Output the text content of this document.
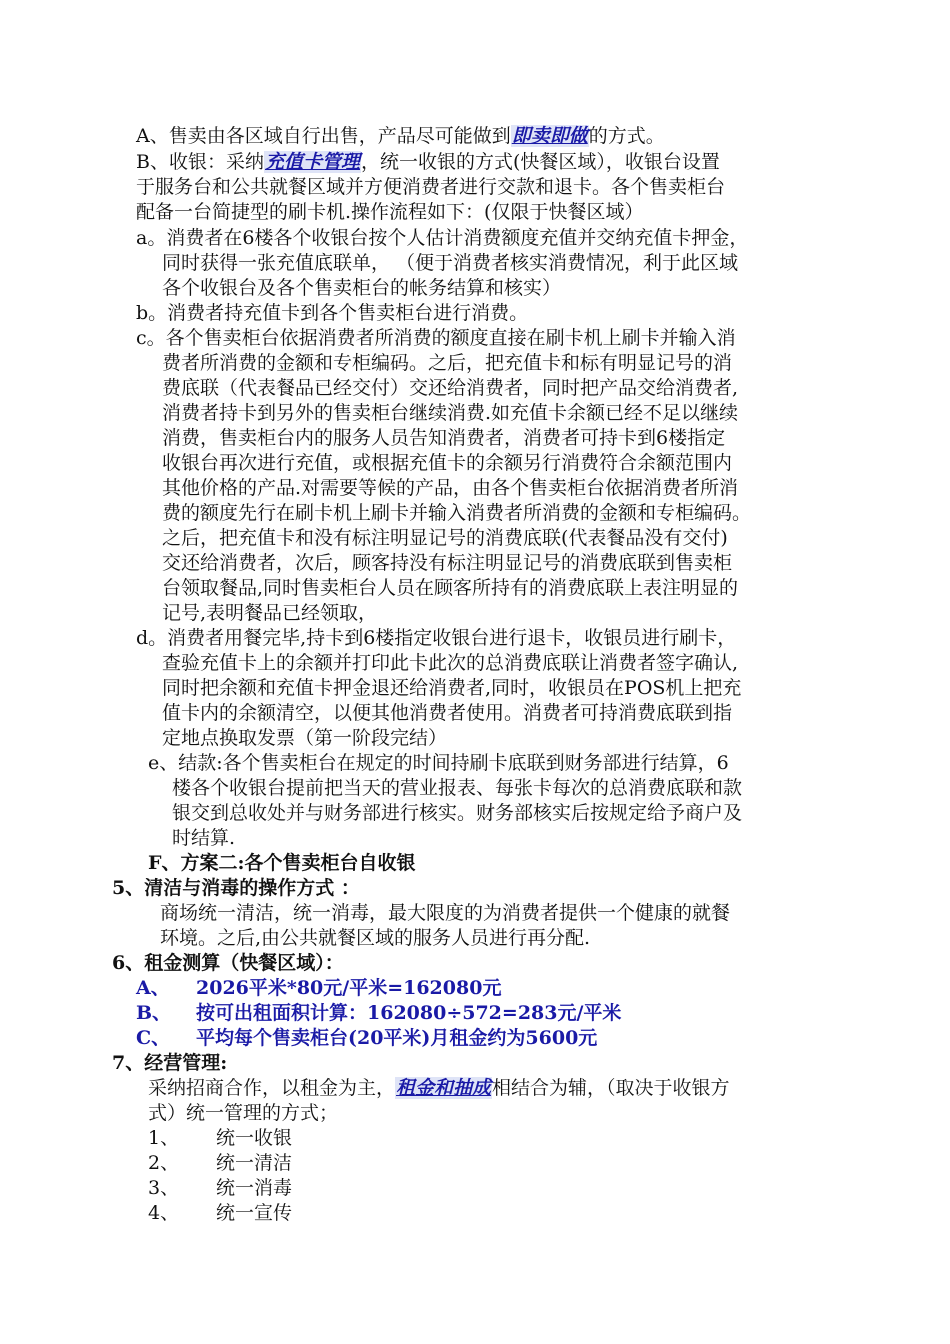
A、售卖由各区域自行出售，产品尽可能做到即卖即做的方式。
B、收银：采纳充值卡管理，统一收银的方式(快餐区域），收银台设置
于服务台和公共就餐区域并方便消费者进行交款和退卡。各个售卖柜台
配备一台简捷型的刷卡机.操作流程如下：(仅限于快餐区域）
a。消费者在6楼各个收银台按个人估计消费额度充值并交纳充值卡押金，
同时获得一张充值底联单， （便于消费者核实消费情况，利于此区域
各个收银台及各个售卖柜台的帐务结算和核实）
b。消费者持充值卡到各个售卖柜台进行消费。
c。各个售卖柜台依据消费者所消费的额度直接在刷卡机上刷卡并输入消
费者所消费的金额和专柜编码。之后，把充值卡和标有明显记号的消
费底联（代表餐品已经交付）交还给消费者，同时把产品交给消费者,
消费者持卡到另外的售卖柜台继续消费.如充值卡余额已经不足以继续
消费，售卖柜台内的服务人员告知消费者，消费者可持卡到6楼指定
收银台再次进行充值，或根据充值卡的余额另行消费符合余额范围内
其他价格的产品.对需要等候的产品，由各个售卖柜台依据消费者所消
费的额度先行在刷卡机上刷卡并输入消费者所消费的金额和专柜编码。
之后，把充值卡和没有标注明显记号的消费底联(代表餐品没有交付)
交还给消费者，次后，顾客持没有标注明显记号的消费底联到售卖柜
台领取餐品,同时售卖柜台人员在顾客所持有的消费底联上表注明显的
记号,表明餐品已经领取，
d。消费者用餐完毕,持卡到6楼指定收银台进行退卡，收银员进行刷卡，
查验充值卡上的余额并打印此卡此次的总消费底联让消费者签字确认,
同时把余额和充值卡押金退还给消费者,同时，收银员在POS机上把充
值卡内的余额清空，以便其他消费者使用。消费者可持消费底联到指
定地点换取发票（第一阶段完结）
e、结款:各个售卖柜台在规定的时间持刷卡底联到财务部进行结算，6
楼各个收银台提前把当天的营业报表、每张卡每次的总消费底联和款
银交到总收处并与财务部进行核实。财务部核实后按规定给予商户及
时结算.
F、方案二:各个售卖柜台自收银
5、清洁与消毒的操作方式 ：
商场统一清洁，统一消毒，最大限度的为消费者提供一个健康的就餐
环境。之后,由公共就餐区域的服务人员进行再分配.
6、租金测算（快餐区域）：
A、 2026平米*80元/平米=162080元
B、 按可出租面积计算：162080÷572=283元/平米
C、 平均每个售卖柜台(20平米)月租金约为5600元
7、经营管理:
采纳招商合作，以租金为主，租金和抽成相结合为辅，（取决于收银方
式）统一管理的方式；
1、 统一收银
2、 统一清洁
3、 统一消毒
4、 统一宣传
